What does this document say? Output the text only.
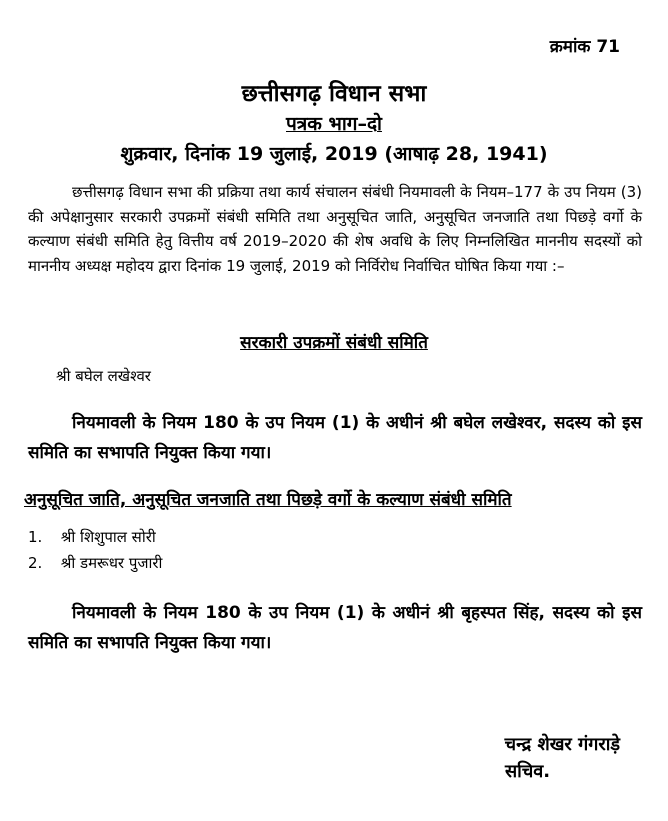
क्रमांक 71
छत्तीसगढ़ विधान सभा
पत्रक भाग–दो
शुक्रवार, दिनांक 19 जुलाई, 2019 (आषाढ़ 28, 1941)
छत्तीसगढ़ विधान सभा की प्रक्रिया तथा कार्य संचालन संबंधी नियमावली के नियम–177 के उप नियम (3) की अपेक्षानुसार सरकारी उपक्रमों संबंधी समिति तथा अनुसूचित जाति, अनुसूचित जनजाति तथा पिछड़े वर्गो के कल्याण संबंधी समिति हेतु वित्तीय वर्ष 2019–2020 की शेष अवधि के लिए निम्नलिखित माननीय सदस्यों को माननीय अध्यक्ष महोदय द्वारा दिनांक 19 जुलाई, 2019 को निर्विरोध निर्वाचित घोषित किया गया :–
सरकारी उपक्रमों संबंधी समिति
श्री बघेल लखेश्वर
नियमावली के नियम 180 के उप नियम (1) के अधीनं श्री बघेल लखेश्वर, सदस्य को इस समिति का सभापति नियुक्त किया गया।
अनुसूचित जाति, अनुसूचित जनजाति तथा पिछड़े वर्गो के कल्याण संबंधी समिति
1. श्री शिशुपाल सोरी
2. श्री डमरूधर पुजारी
नियमावली के नियम 180 के उप नियम (1) के अधीनं श्री बृहस्पत सिंह, सदस्य को इस समिति का सभापति नियुक्त किया गया।
चन्द्र शेखर गंगराड़े
सचिव.
